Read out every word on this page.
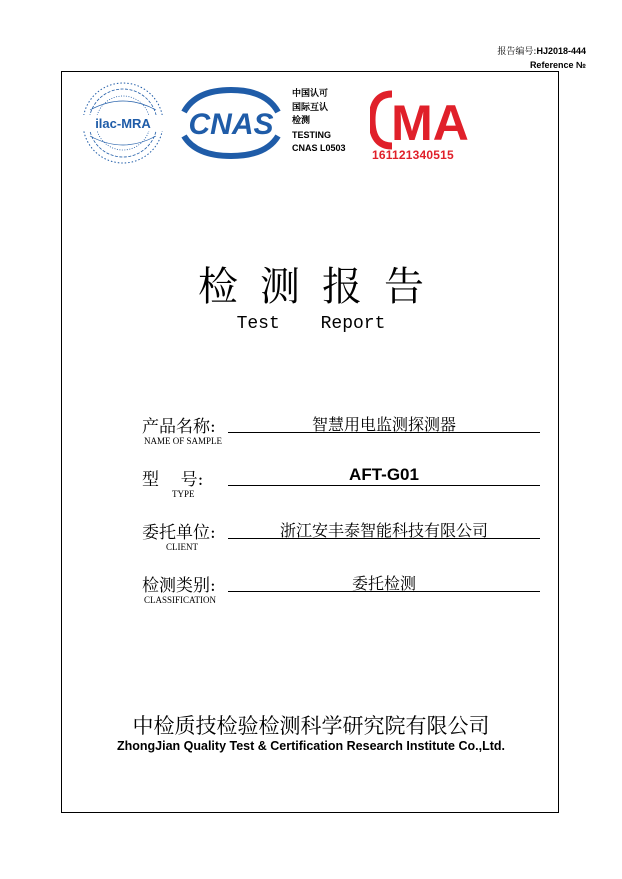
报告编号:HJ2018-444
Reference №
ilac-MRA CNAS
中国认可
国际互认
检测
TESTING
CNAS L0503 MA
161121340515
检测报告
Test Report
产品名称:
NAME OF SAMPLE
智慧用电监测探测器
型    号:
TYPE
AFT-G01
委托单位:
CLIENT
浙江安丰泰智能科技有限公司
检测类别:
CLASSIFICATION
委托检测
中检质技检验检测科学研究院有限公司
ZhongJian Quality Test & Certification Research Institute Co.,Ltd.
